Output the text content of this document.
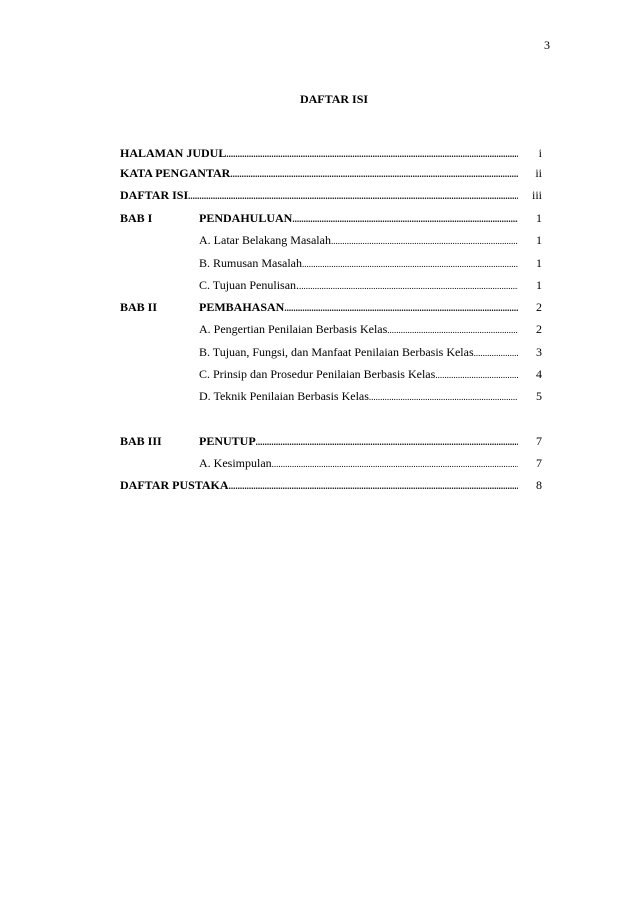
3
DAFTAR ISI
HALAMAN JUDUL .....	i
KATA PENGANTAR .....	ii
DAFTAR ISI .....	iii
BAB I	PENDAHULUAN .....	1
A. Latar Belakang Masalah .....	1
B. Rumusan Masalah .....	1
C. Tujuan Penulisan. .....	1
BAB II	PEMBAHASAN .....	2
A. Pengertian Penilaian Berbasis Kelas .....	2
B. Tujuan, Fungsi, dan Manfaat Penilaian Berbasis Kelas .....	3
C. Prinsip dan Prosedur Penilaian Berbasis Kelas .....	4
D. Teknik Penilaian Berbasis Kelas .....	5
BAB III	PENUTUP .....	7
A. Kesimpulan .....	7
DAFTAR PUSTAKA .....	8
